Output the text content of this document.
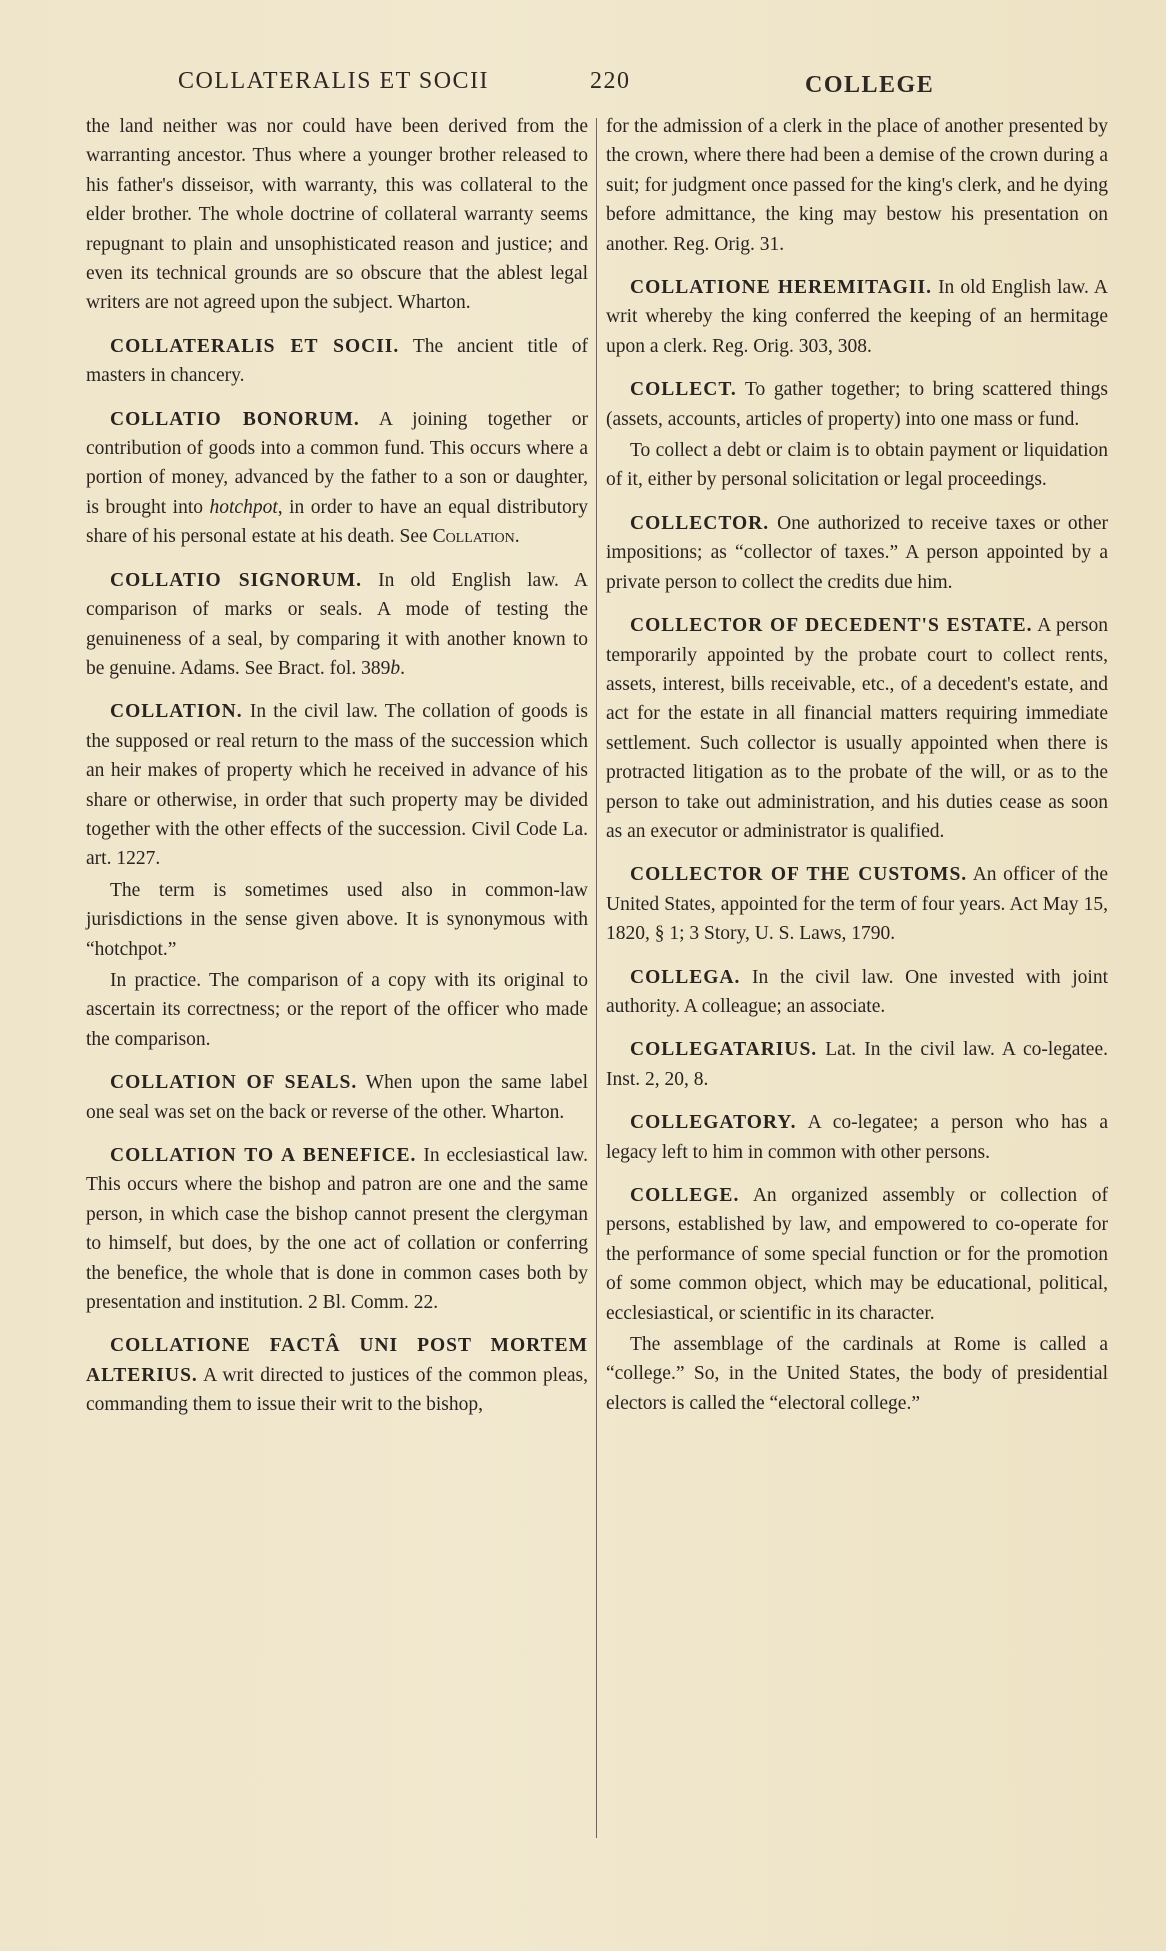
COLLATERALIS ET SOCII	220	COLLEGE

the land neither was nor could have been derived from the warranting ancestor. Thus where a younger brother released to his father's disseisor, with warranty, this was collateral to the elder brother. The whole doctrine of collateral warranty seems repugnant to plain and unsophisticated reason and justice; and even its technical grounds are so obscure that the ablest legal writers are not agreed upon the subject. Wharton.

COLLATERALIS ET SOCII. The ancient title of masters in chancery.

COLLATIO BONORUM. A joining together or contribution of goods into a common fund. This occurs where a portion of money, advanced by the father to a son or daughter, is brought into hotchpot, in order to have an equal distributory share of his personal estate at his death. See Collation.

COLLATIO SIGNORUM. In old English law. A comparison of marks or seals. A mode of testing the genuineness of a seal, by comparing it with another known to be genuine. Adams. See Bract. fol. 389b.

COLLATION. In the civil law. The collation of goods is the supposed or real return to the mass of the succession which an heir makes of property which he received in advance of his share or otherwise, in order that such property may be divided together with the other effects of the succession. Civil Code La. art. 1227.

The term is sometimes used also in common-law jurisdictions in the sense given above. It is synonymous with “hotchpot.”

In practice. The comparison of a copy with its original to ascertain its correctness; or the report of the officer who made the comparison.

COLLATION OF SEALS. When upon the same label one seal was set on the back or reverse of the other. Wharton.

COLLATION TO A BENEFICE. In ecclesiastical law. This occurs where the bishop and patron are one and the same person, in which case the bishop cannot present the clergyman to himself, but does, by the one act of collation or conferring the benefice, the whole that is done in common cases both by presentation and institution. 2 Bl. Comm. 22.

COLLATIONE FACTÂ UNI POST MORTEM ALTERIUS. A writ directed to justices of the common pleas, commanding them to issue their writ to the bishop,

for the admission of a clerk in the place of another presented by the crown, where there had been a demise of the crown during a suit; for judgment once passed for the king's clerk, and he dying before admittance, the king may bestow his presentation on another. Reg. Orig. 31.

COLLATIONE HEREMITAGII. In old English law. A writ whereby the king conferred the keeping of an hermitage upon a clerk. Reg. Orig. 303, 308.

COLLECT. To gather together; to bring scattered things (assets, accounts, articles of property) into one mass or fund.

To collect a debt or claim is to obtain payment or liquidation of it, either by personal solicitation or legal proceedings.

COLLECTOR. One authorized to receive taxes or other impositions; as “collector of taxes.” A person appointed by a private person to collect the credits due him.

COLLECTOR OF DECEDENT'S ESTATE. A person temporarily appointed by the probate court to collect rents, assets, interest, bills receivable, etc., of a decedent's estate, and act for the estate in all financial matters requiring immediate settlement. Such collector is usually appointed when there is protracted litigation as to the probate of the will, or as to the person to take out administration, and his duties cease as soon as an executor or administrator is qualified.

COLLECTOR OF THE CUSTOMS. An officer of the United States, appointed for the term of four years. Act May 15, 1820, § 1; 3 Story, U. S. Laws, 1790.

COLLEGA. In the civil law. One invested with joint authority. A colleague; an associate.

COLLEGATARIUS. Lat. In the civil law. A co-legatee. Inst. 2, 20, 8.

COLLEGATORY. A co-legatee; a person who has a legacy left to him in common with other persons.

COLLEGE. An organized assembly or collection of persons, established by law, and empowered to co-operate for the performance of some special function or for the promotion of some common object, which may be educational, political, ecclesiastical, or scientific in its character.

The assemblage of the cardinals at Rome is called a “college.” So, in the United States, the body of presidential electors is called the “electoral college.”
